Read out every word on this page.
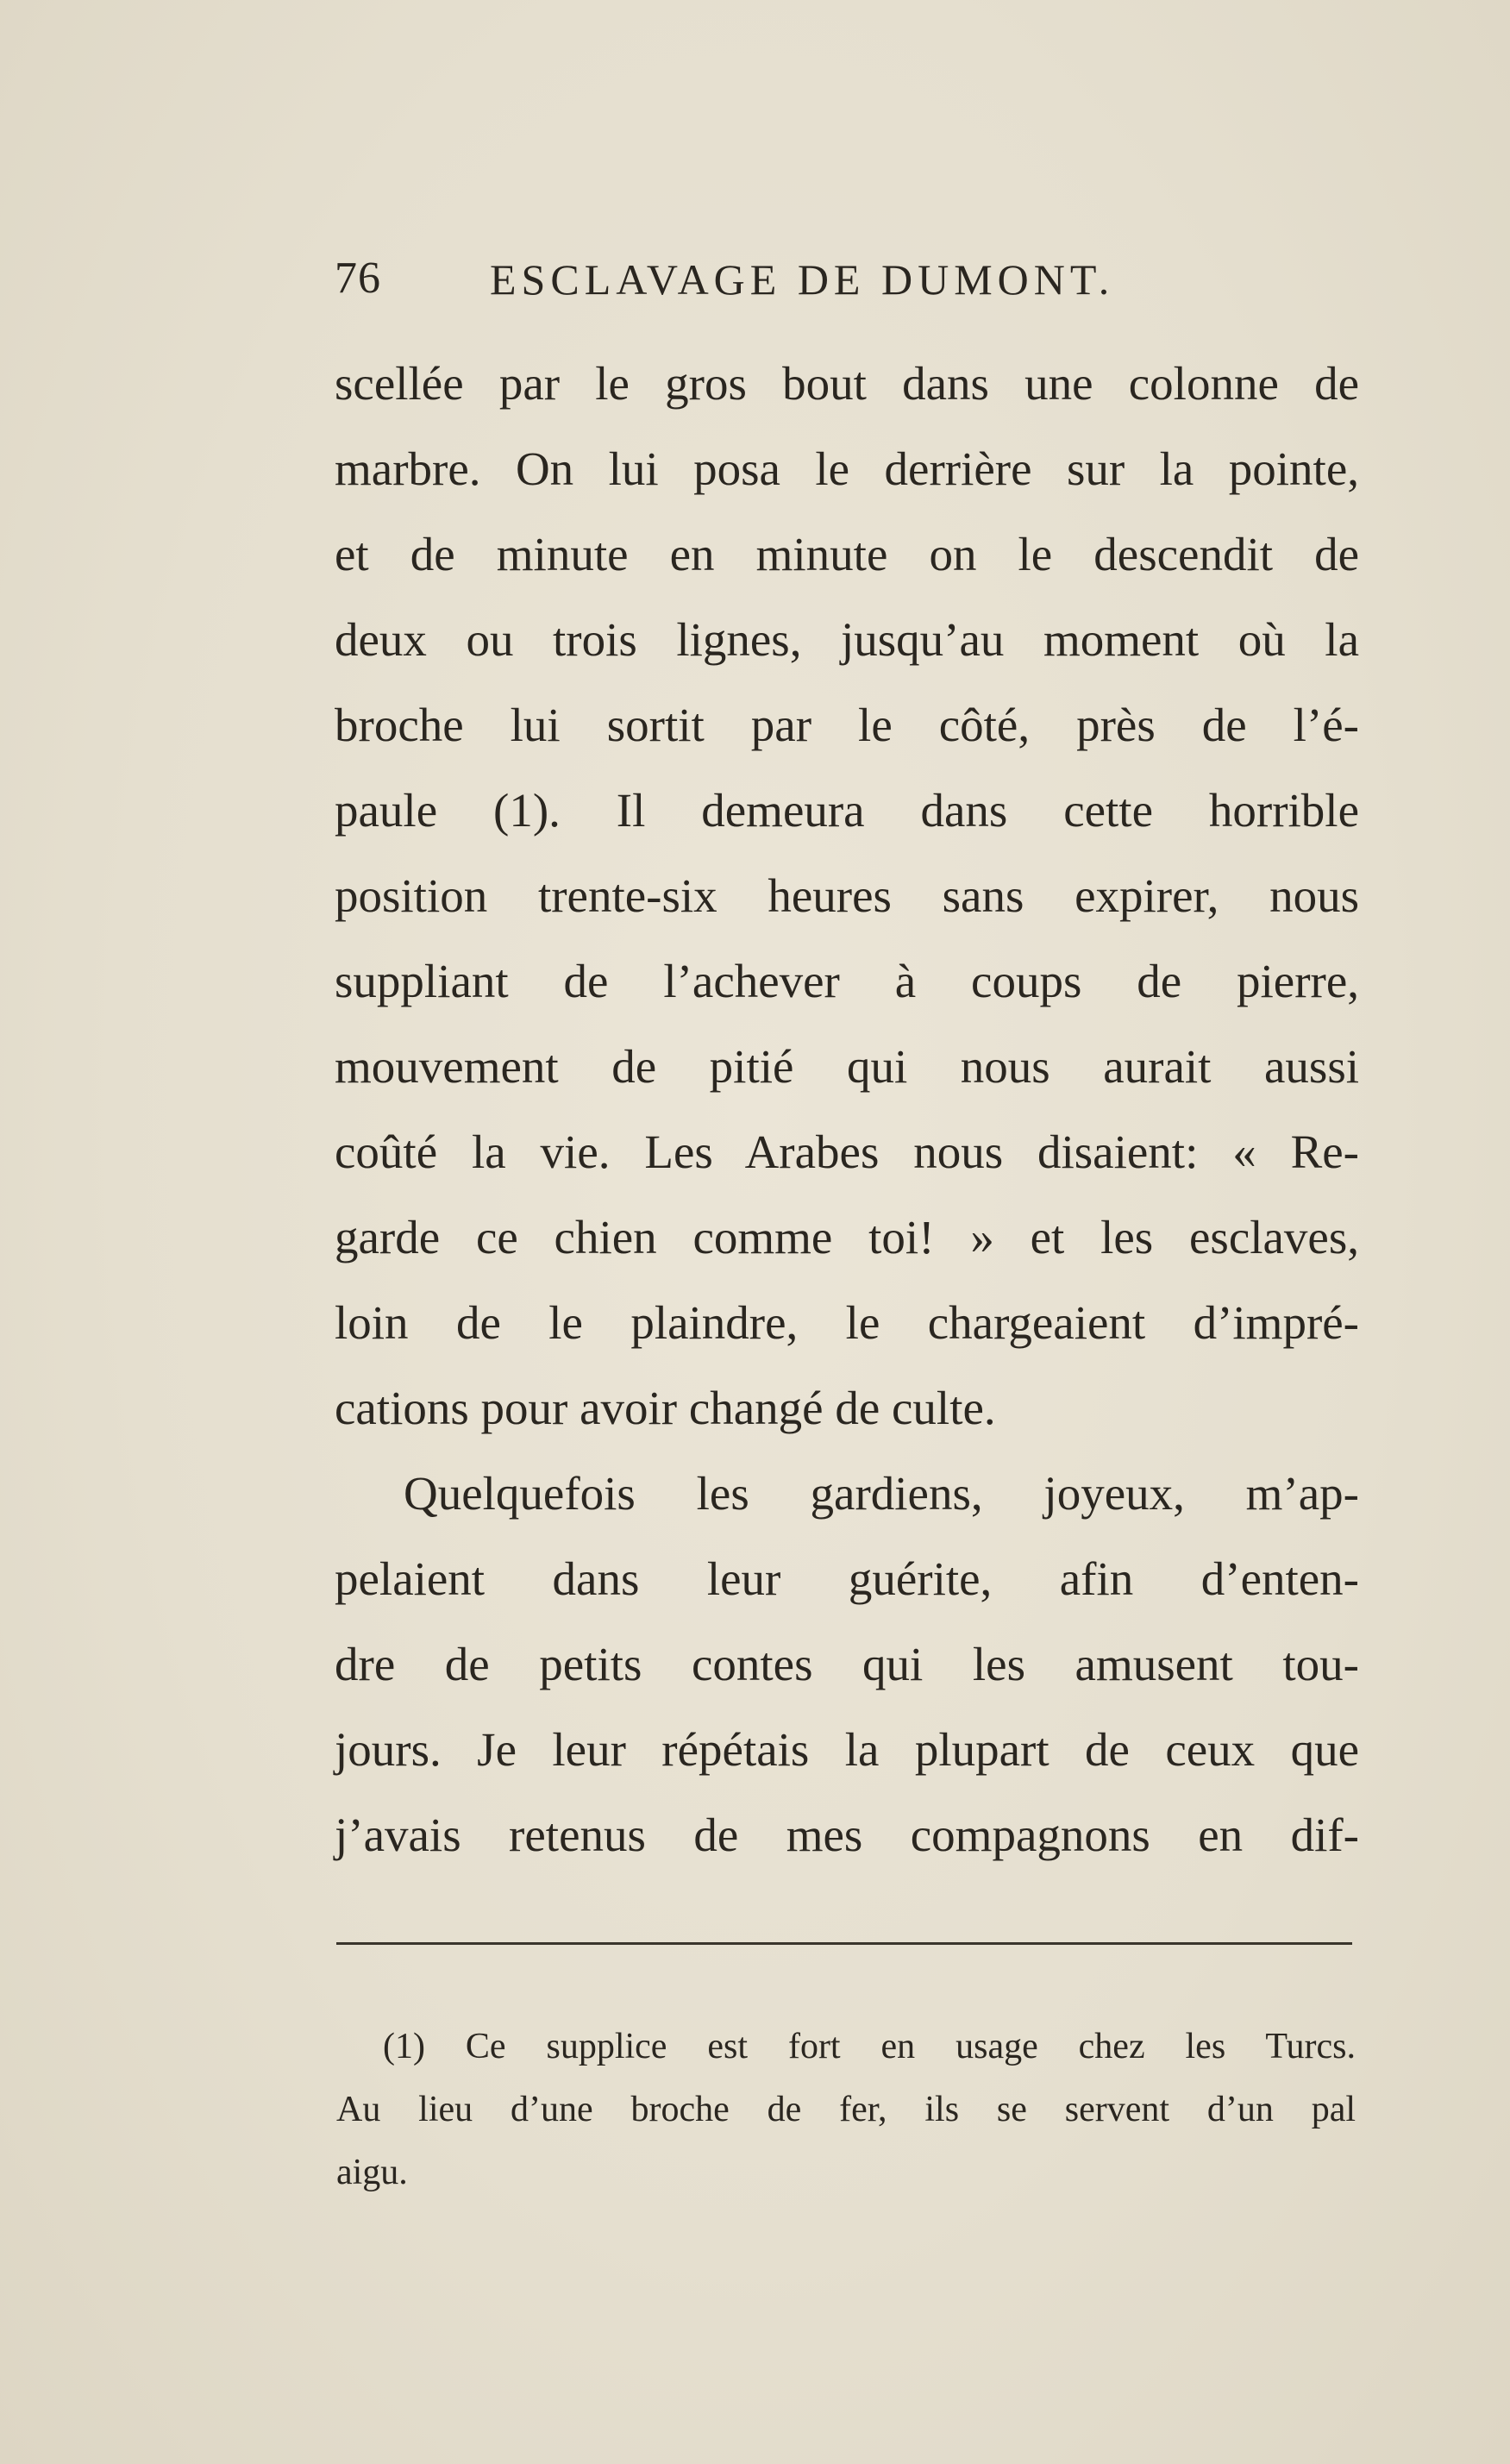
76	ESCLAVAGE DE DUMONT.
scellée par le gros bout dans une colonne de
marbre. On lui posa le derrière sur la pointe,
et de minute en minute on le descendit de
deux ou trois lignes, jusqu’au moment où la
broche lui sortit par le côté, près de l’é-
paule (1). Il demeura dans cette horrible
position trente-six heures sans expirer, nous
suppliant de l’achever à coups de pierre,
mouvement de pitié qui nous aurait aussi
coûté la vie. Les Arabes nous disaient: « Re-
garde ce chien comme toi! » et les esclaves,
loin de le plaindre, le chargeaient d’impré-
cations pour avoir changé de culte.
Quelquefois les gardiens, joyeux, m’ap-
pelaient dans leur guérite, afin d’enten-
dre de petits contes qui les amusent tou-
jours. Je leur répétais la plupart de ceux que
j’avais retenus de mes compagnons en dif-
(1) Ce supplice est fort en usage chez les Turcs.
Au lieu d’une broche de fer, ils se servent d’un pal
aigu.
